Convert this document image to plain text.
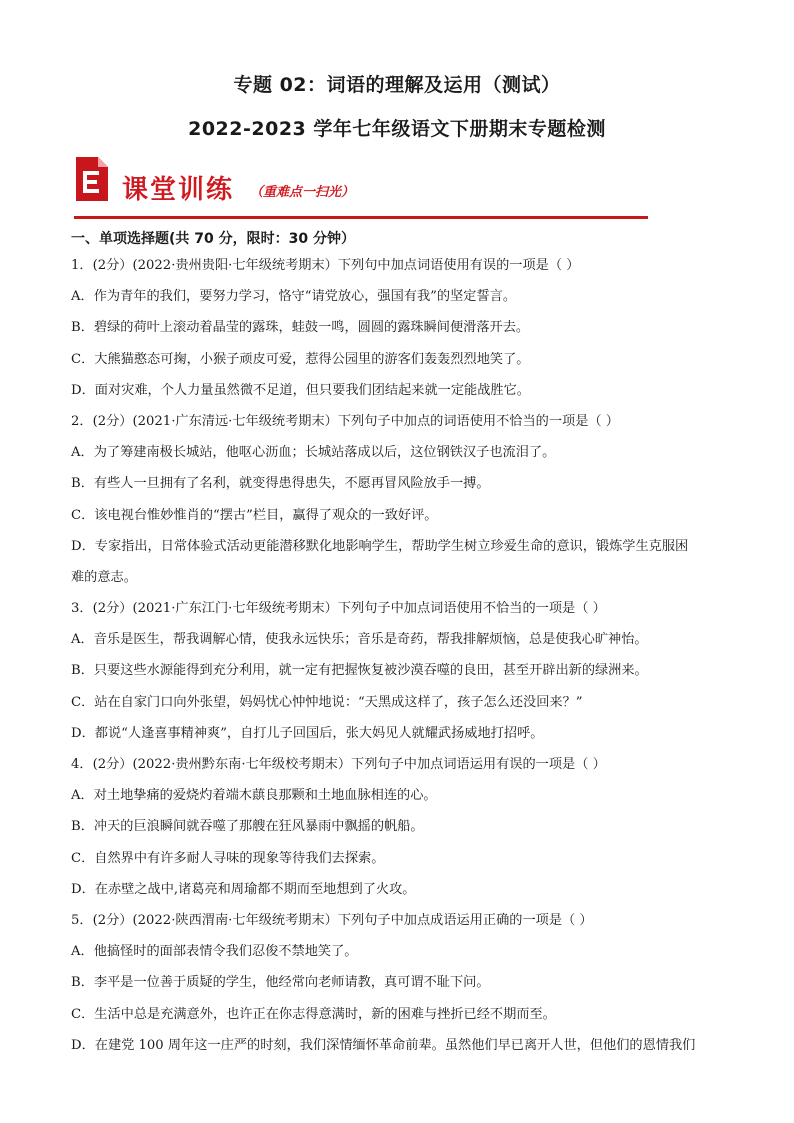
专题 02：词语的理解及运用（测试）
2022-2023 学年七年级语文下册期末专题检测
课堂训练 （重难点一扫光）
一、单项选择题(共 70 分，限时：30 分钟）
1．(2分）(2022·贵州贵阳·七年级统考期末）下列句中加点词语使用有误的一项是（ ）
A．作为青年的我们，要努力学习，恪守“请党放心，强国有我”的坚定誓言。
B．碧绿的荷叶上滚动着晶莹的露珠，蛙鼓一鸣，圆圆的露珠瞬间便滑落开去。
C．大熊猫憨态可掬，小猴子顽皮可爱，惹得公园里的游客们轰轰烈烈地笑了。
D．面对灾难，个人力量虽然微不足道，但只要我们团结起来就一定能战胜它。
2．(2分）(2021·广东清远·七年级统考期末）下列句子中加点的词语使用不恰当的一项是（ ）
A．为了筹建南极长城站，他呕心沥血；长城站落成以后，这位钢铁汉子也流泪了。
B．有些人一旦拥有了名利，就变得患得患失，不愿再冒风险放手一搏。
C．该电视台惟妙惟肖的“摆古”栏目，赢得了观众的一致好评。
D．专家指出，日常体验式活动更能潜移默化地影响学生，帮助学生树立珍爱生命的意识，锻炼学生克服困
难的意志。
3．(2分）(2021·广东江门·七年级统考期末）下列句子中加点词语使用不恰当的一项是（ ）
A．音乐是医生，帮我调解心情，使我永远快乐；音乐是奇药，帮我排解烦恼，总是使我心旷神怡。
B．只要这些水源能得到充分利用，就一定有把握恢复被沙漠吞噬的良田，甚至开辟出新的绿洲来。
C．站在自家门口向外张望，妈妈忧心忡忡地说：“天黑成这样了，孩子怎么还没回来？”
D．都说“人逢喜事精神爽”，自打儿子回国后，张大妈见人就耀武扬威地打招呼。
4．(2分）(2022·贵州黔东南·七年级校考期末）下列句子中加点词语运用有误的一项是（ ）
A．对土地挚痛的爱烧灼着端木蕻良那颗和土地血脉相连的心。
B．冲天的巨浪瞬间就吞噬了那艘在狂风暴雨中飘摇的帆船。
C．自然界中有许多耐人寻味的现象等待我们去探索。
D．在赤壁之战中,诸葛亮和周瑜都不期而至地想到了火攻。
5．(2分）(2022·陕西渭南·七年级统考期末）下列句子中加点成语运用正确的一项是（ ）
A．他搞怪时的面部表情令我们忍俊不禁地笑了。
B．李平是一位善于质疑的学生，他经常向老师请教，真可谓不耻下问。
C．生活中总是充满意外，也许正在你志得意满时，新的困难与挫折已经不期而至。
D．在建党 100 周年这一庄严的时刻，我们深情缅怀革命前辈。虽然他们早已离开人世，但他们的恩情我们
